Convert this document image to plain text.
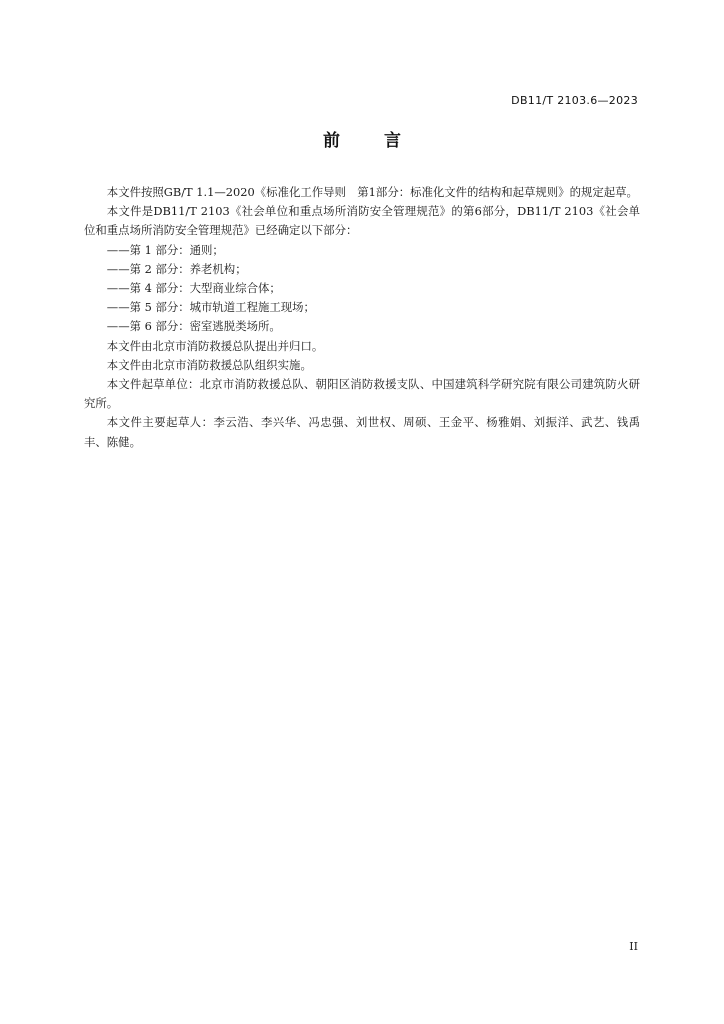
DB11/T 2103.6—2023
前	言

本文件按照GB/T 1.1—2020《标准化工作导则　第1部分：标准化文件的结构和起草规则》的规定起草。

本文件是DB11/T 2103《社会单位和重点场所消防安全管理规范》的第6部分，DB11/T 2103《社会单位和重点场所消防安全管理规范》已经确定以下部分：

——第 1 部分：通则；

——第 2 部分：养老机构；

——第 4 部分：大型商业综合体；

——第 5 部分：城市轨道工程施工现场；

——第 6 部分：密室逃脱类场所。

本文件由北京市消防救援总队提出并归口。

本文件由北京市消防救援总队组织实施。

本文件起草单位：北京市消防救援总队、朝阳区消防救援支队、中国建筑科学研究院有限公司建筑防火研究所。

本文件主要起草人：李云浩、李兴华、冯忠强、刘世权、周硕、王金平、杨雅娟、刘振洋、武艺、钱禹丰、陈健。

II
